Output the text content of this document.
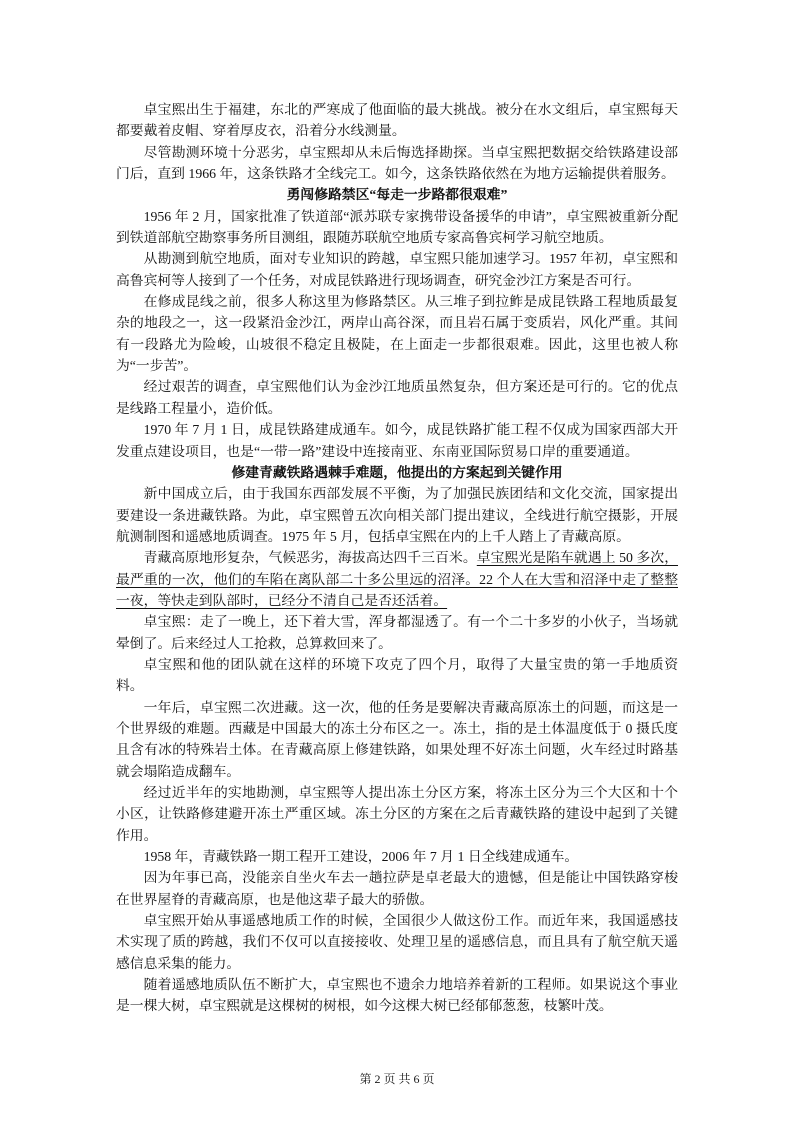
卓宝熙出生于福建，东北的严寒成了他面临的最大挑战。被分在水文组后，卓宝熙每天都要戴着皮帽、穿着厚皮衣，沿着分水线测量。

尽管勘测环境十分恶劣，卓宝熙却从未后悔选择勘探。当卓宝熙把数据交给铁路建设部门后，直到 1966 年，这条铁路才全线完工。如今，这条铁路依然在为地方运输提供着服务。

勇闯修路禁区“每走一步路都很艰难”

1956 年 2 月，国家批准了铁道部“派苏联专家携带设备援华的申请”，卓宝熙被重新分配到铁道部航空勘察事务所目测组，跟随苏联航空地质专家高鲁宾柯学习航空地质。

从勘测到航空地质，面对专业知识的跨越，卓宝熙只能加速学习。1957 年初，卓宝熙和高鲁宾柯等人接到了一个任务，对成昆铁路进行现场调查，研究金沙江方案是否可行。

在修成昆线之前，很多人称这里为修路禁区。从三堆子到拉鲊是成昆铁路工程地质最复杂的地段之一，这一段紧沿金沙江，两岸山高谷深，而且岩石属于变质岩，风化严重。其间有一段路尤为险峻，山坡很不稳定且极陡，在上面走一步都很艰难。因此，这里也被人称为“一步苦”。

经过艰苦的调查，卓宝熙他们认为金沙江地质虽然复杂，但方案还是可行的。它的优点是线路工程量小，造价低。

1970 年 7 月 1 日，成昆铁路建成通车。如今，成昆铁路扩能工程不仅成为国家西部大开发重点建设项目，也是“一带一路”建设中连接南亚、东南亚国际贸易口岸的重要通道。

修建青藏铁路遇棘手难题，他提出的方案起到关键作用

新中国成立后，由于我国东西部发展不平衡，为了加强民族团结和文化交流，国家提出要建设一条进藏铁路。为此，卓宝熙曾五次向相关部门提出建议，全线进行航空摄影，开展航测制图和遥感地质调查。1975 年 5 月，包括卓宝熙在内的上千人踏上了青藏高原。

青藏高原地形复杂，气候恶劣，海拔高达四千三百米。卓宝熙光是陷车就遇上 50 多次，最严重的一次，他们的车陷在离队部二十多公里远的沼泽。22 个人在大雪和沼泽中走了整整一夜，等快走到队部时，已经分不清自己是否还活着。

卓宝熙：走了一晚上，还下着大雪，浑身都湿透了。有一个二十多岁的小伙子，当场就晕倒了。后来经过人工抢救，总算救回来了。

卓宝熙和他的团队就在这样的环境下攻克了四个月，取得了大量宝贵的第一手地质资料。

一年后，卓宝熙二次进藏。这一次，他的任务是要解决青藏高原冻土的问题，而这是一个世界级的难题。西藏是中国最大的冻土分布区之一。冻土，指的是土体温度低于 0 摄氏度且含有冰的特殊岩土体。在青藏高原上修建铁路，如果处理不好冻土问题，火车经过时路基就会塌陷造成翻车。

经过近半年的实地勘测，卓宝熙等人提出冻土分区方案，将冻土区分为三个大区和十个小区，让铁路修建避开冻土严重区域。冻土分区的方案在之后青藏铁路的建设中起到了关键作用。

1958 年，青藏铁路一期工程开工建设，2006 年 7 月 1 日全线建成通车。

因为年事已高，没能亲自坐火车去一趟拉萨是卓老最大的遗憾，但是能让中国铁路穿梭在世界屋脊的青藏高原，也是他这辈子最大的骄傲。

卓宝熙开始从事遥感地质工作的时候，全国很少人做这份工作。而近年来，我国遥感技术实现了质的跨越，我们不仅可以直接接收、处理卫星的遥感信息，而且具有了航空航天遥感信息采集的能力。

随着遥感地质队伍不断扩大，卓宝熙也不遗余力地培养着新的工程师。如果说这个事业是一棵大树，卓宝熙就是这棵树的树根，如今这棵大树已经郁郁葱葱，枝繁叶茂。

第 2 页 共 6 页
